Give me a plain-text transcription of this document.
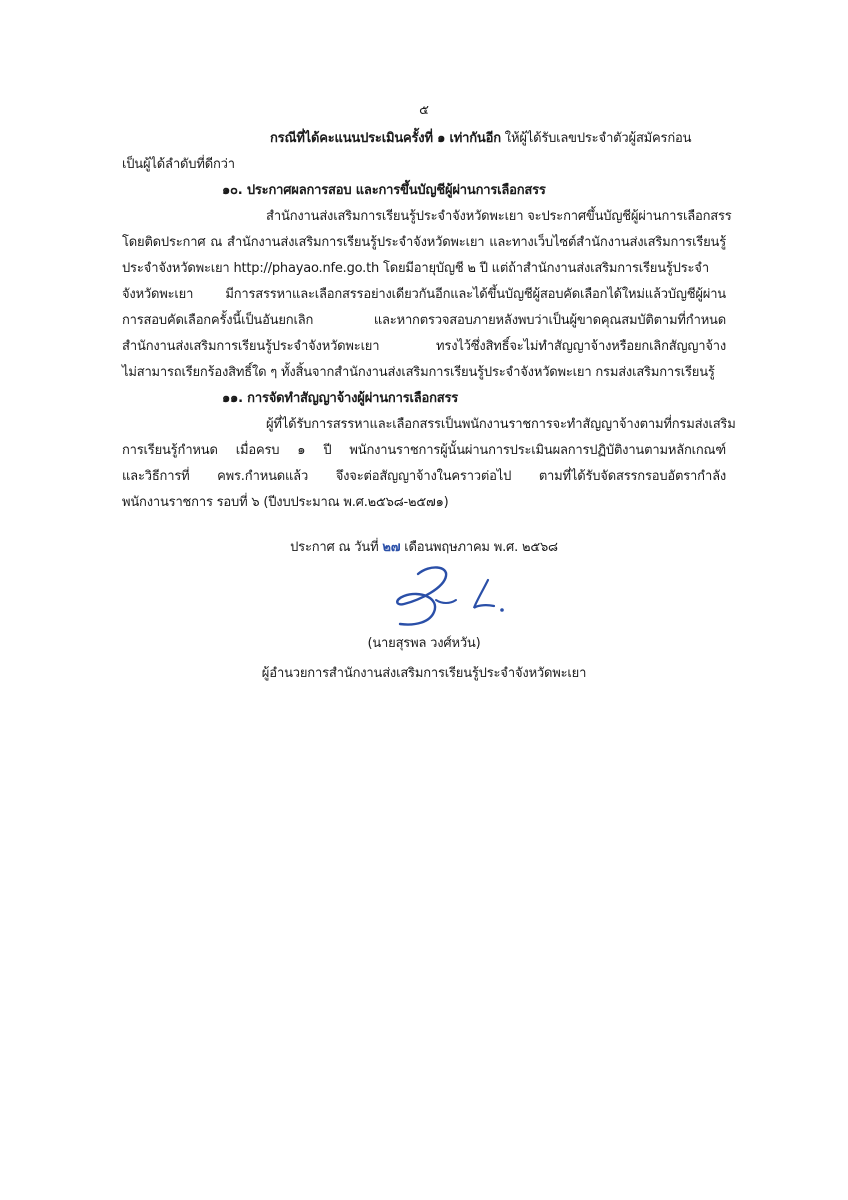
๕
กรณีที่ได้คะแนนประเมินครั้งที่ ๑ เท่ากันอีก ให้ผู้ได้รับเลขประจำตัวผู้สมัครก่อน
เป็นผู้ได้ลำดับที่ดีกว่า
๑๐. ประกาศผลการสอบ และการขึ้นบัญชีผู้ผ่านการเลือกสรร
สำนักงานส่งเสริมการเรียนรู้ประจำจังหวัดพะเยา จะประกาศขึ้นบัญชีผู้ผ่านการเลือกสรร
โดยติดประกาศ ณ สำนักงานส่งเสริมการเรียนรู้ประจำจังหวัดพะเยา และทางเว็บไซต์สำนักงานส่งเสริมการเรียนรู้
ประจำจังหวัดพะเยา http://phayao.nfe.go.th โดยมีอายุบัญชี ๒ ปี แต่ถ้าสำนักงานส่งเสริมการเรียนรู้ประจำ
จังหวัดพะเยา มีการสรรหาและเลือกสรรอย่างเดียวกันอีกและได้ขึ้นบัญชีผู้สอบคัดเลือกได้ใหม่แล้วบัญชีผู้ผ่าน
การสอบคัดเลือกครั้งนี้เป็นอันยกเลิก และหากตรวจสอบภายหลังพบว่าเป็นผู้ขาดคุณสมบัติตามที่กำหนด
สำนักงานส่งเสริมการเรียนรู้ประจำจังหวัดพะเยา ทรงไว้ซึ่งสิทธิ์จะไม่ทำสัญญาจ้างหรือยกเลิกสัญญาจ้าง
ไม่สามารถเรียกร้องสิทธิ์ใด ๆ ทั้งสิ้นจากสำนักงานส่งเสริมการเรียนรู้ประจำจังหวัดพะเยา กรมส่งเสริมการเรียนรู้
๑๑. การจัดทำสัญญาจ้างผู้ผ่านการเลือกสรร
ผู้ที่ได้รับการสรรหาและเลือกสรรเป็นพนักงานราชการจะทำสัญญาจ้างตามที่กรมส่งเสริม
การเรียนรู้กำหนด เมื่อครบ ๑ ปี พนักงานราชการผู้นั้นผ่านการประเมินผลการปฏิบัติงานตามหลักเกณฑ์
และวิธีการที่ คพร.กำหนดแล้ว จึงจะต่อสัญญาจ้างในคราวต่อไป ตามที่ได้รับจัดสรรกรอบอัตรากำลัง
พนักงานราชการ รอบที่ ๖ (ปีงบประมาณ พ.ศ.๒๕๖๘-๒๕๗๑)
ประกาศ ณ วันที่ ๒๗ เดือนพฤษภาคม พ.ศ. ๒๕๖๘
(นายสุรพล วงศ์หวัน)
ผู้อำนวยการสำนักงานส่งเสริมการเรียนรู้ประจำจังหวัดพะเยา
